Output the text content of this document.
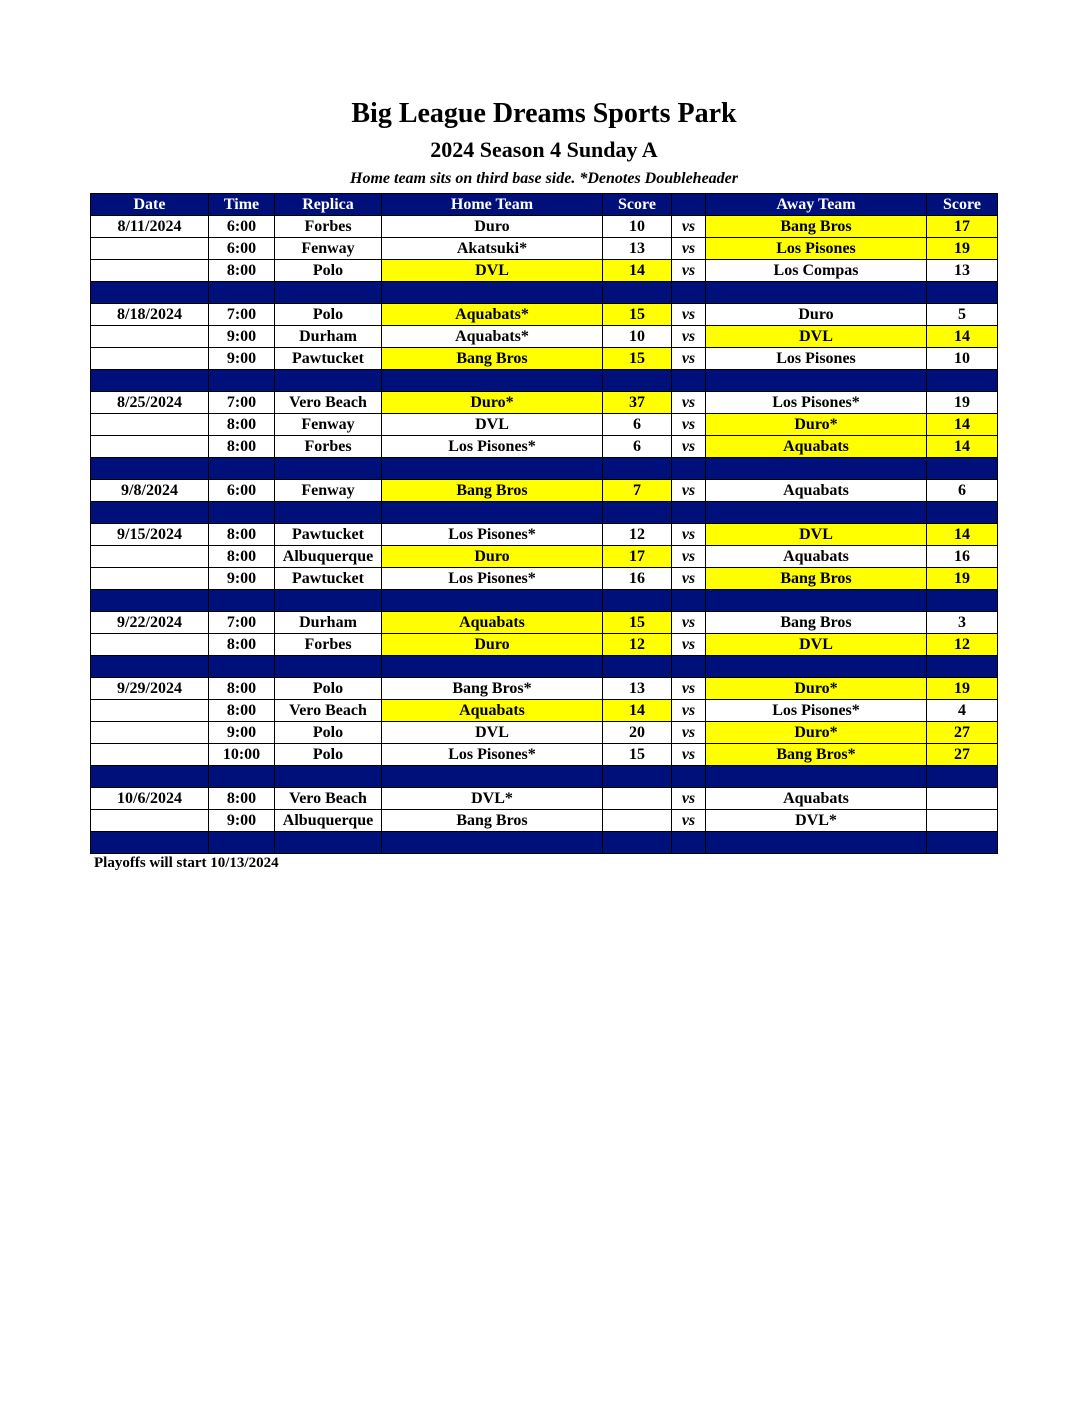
Big League Dreams Sports Park
2024 Season 4 Sunday A
Home team sits on third base side. *Denotes Doubleheader
Date	Time	Replica	Home Team	Score		Away Team	Score
8/11/2024	6:00	Forbes	Duro	10	vs	Bang Bros	17
	6:00	Fenway	Akatsuki*	13	vs	Los Pisones	19
	8:00	Polo	DVL	14	vs	Los Compas	13

8/18/2024	7:00	Polo	Aquabats*	15	vs	Duro	5
	9:00	Durham	Aquabats*	10	vs	DVL	14
	9:00	Pawtucket	Bang Bros	15	vs	Los Pisones	10

8/25/2024	7:00	Vero Beach	Duro*	37	vs	Los Pisones*	19
	8:00	Fenway	DVL	6	vs	Duro*	14
	8:00	Forbes	Los Pisones*	6	vs	Aquabats	14

9/8/2024	6:00	Fenway	Bang Bros	7	vs	Aquabats	6

9/15/2024	8:00	Pawtucket	Los Pisones*	12	vs	DVL	14
	8:00	Albuquerque	Duro	17	vs	Aquabats	16
	9:00	Pawtucket	Los Pisones*	16	vs	Bang Bros	19

9/22/2024	7:00	Durham	Aquabats	15	vs	Bang Bros	3
	8:00	Forbes	Duro	12	vs	DVL	12

9/29/2024	8:00	Polo	Bang Bros*	13	vs	Duro*	19
	8:00	Vero Beach	Aquabats	14	vs	Los Pisones*	4
	9:00	Polo	DVL	20	vs	Duro*	27
	10:00	Polo	Los Pisones*	15	vs	Bang Bros*	27

10/6/2024	8:00	Vero Beach	DVL*		vs	Aquabats	
	9:00	Albuquerque	Bang Bros		vs	DVL*	

Playoffs will start 10/13/2024
